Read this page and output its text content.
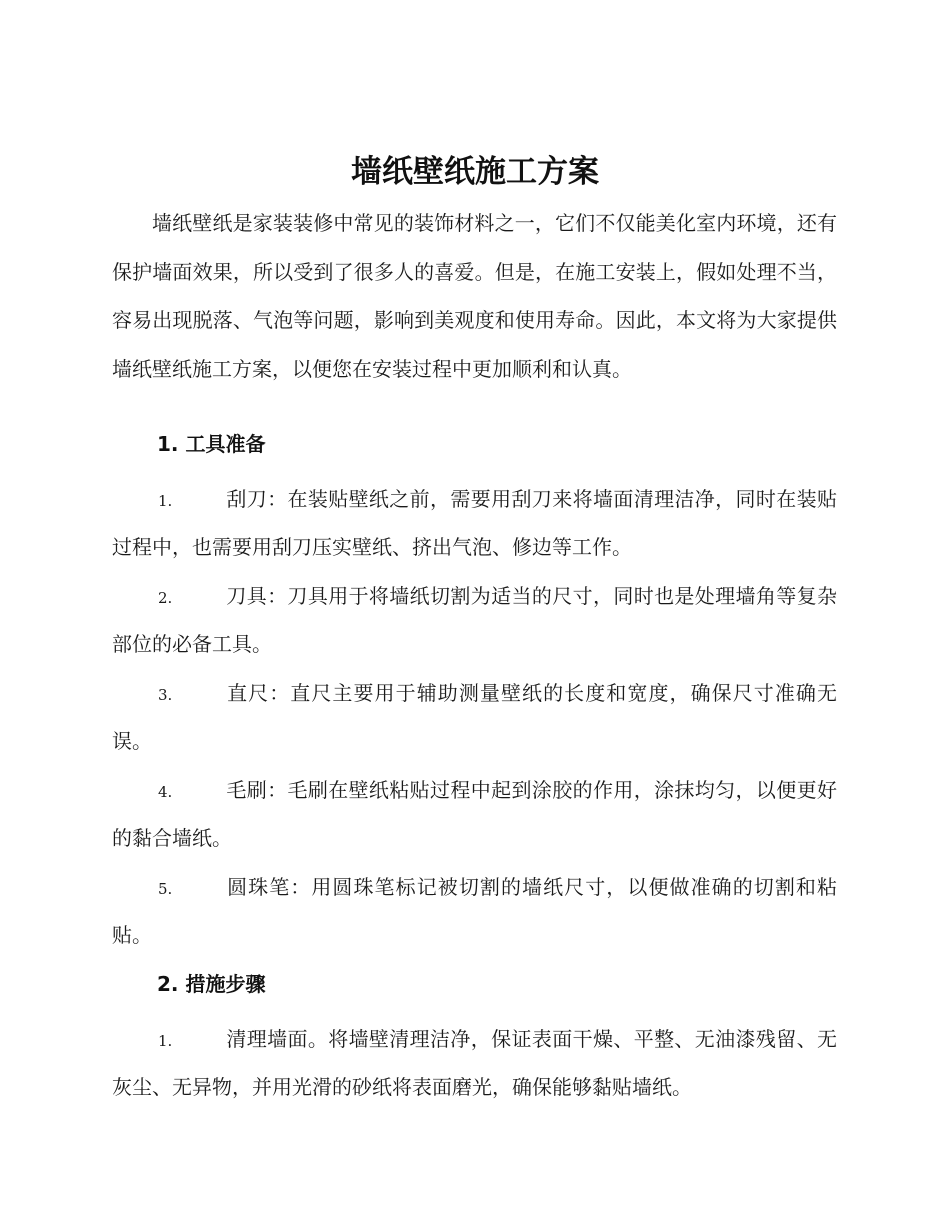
墙纸壁纸施工方案

墙纸壁纸是家装装修中常见的装饰材料之一，它们不仅能美化室内环境，还有保护墙面效果，所以受到了很多人的喜爱。但是，在施工安装上，假如处理不当，容易出现脱落、气泡等问题，影响到美观度和使用寿命。因此，本文将为大家提供墙纸壁纸施工方案，以便您在安装过程中更加顺利和认真。

1. 工具准备

1.	刮刀：在装贴壁纸之前，需要用刮刀来将墙面清理洁净，同时在装贴过程中，也需要用刮刀压实壁纸、挤出气泡、修边等工作。

2.	刀具：刀具用于将墙纸切割为适当的尺寸，同时也是处理墙角等复杂部位的必备工具。

3.	直尺：直尺主要用于辅助测量壁纸的长度和宽度，确保尺寸准确无误。

4.	毛刷：毛刷在壁纸粘贴过程中起到涂胶的作用，涂抹均匀，以便更好的黏合墙纸。

5.	圆珠笔：用圆珠笔标记被切割的墙纸尺寸，以便做准确的切割和粘贴。

2. 措施步骤

1.	清理墙面。将墙壁清理洁净，保证表面干燥、平整、无油漆残留、无灰尘、无异物，并用光滑的砂纸将表面磨光，确保能够黏贴墙纸。
